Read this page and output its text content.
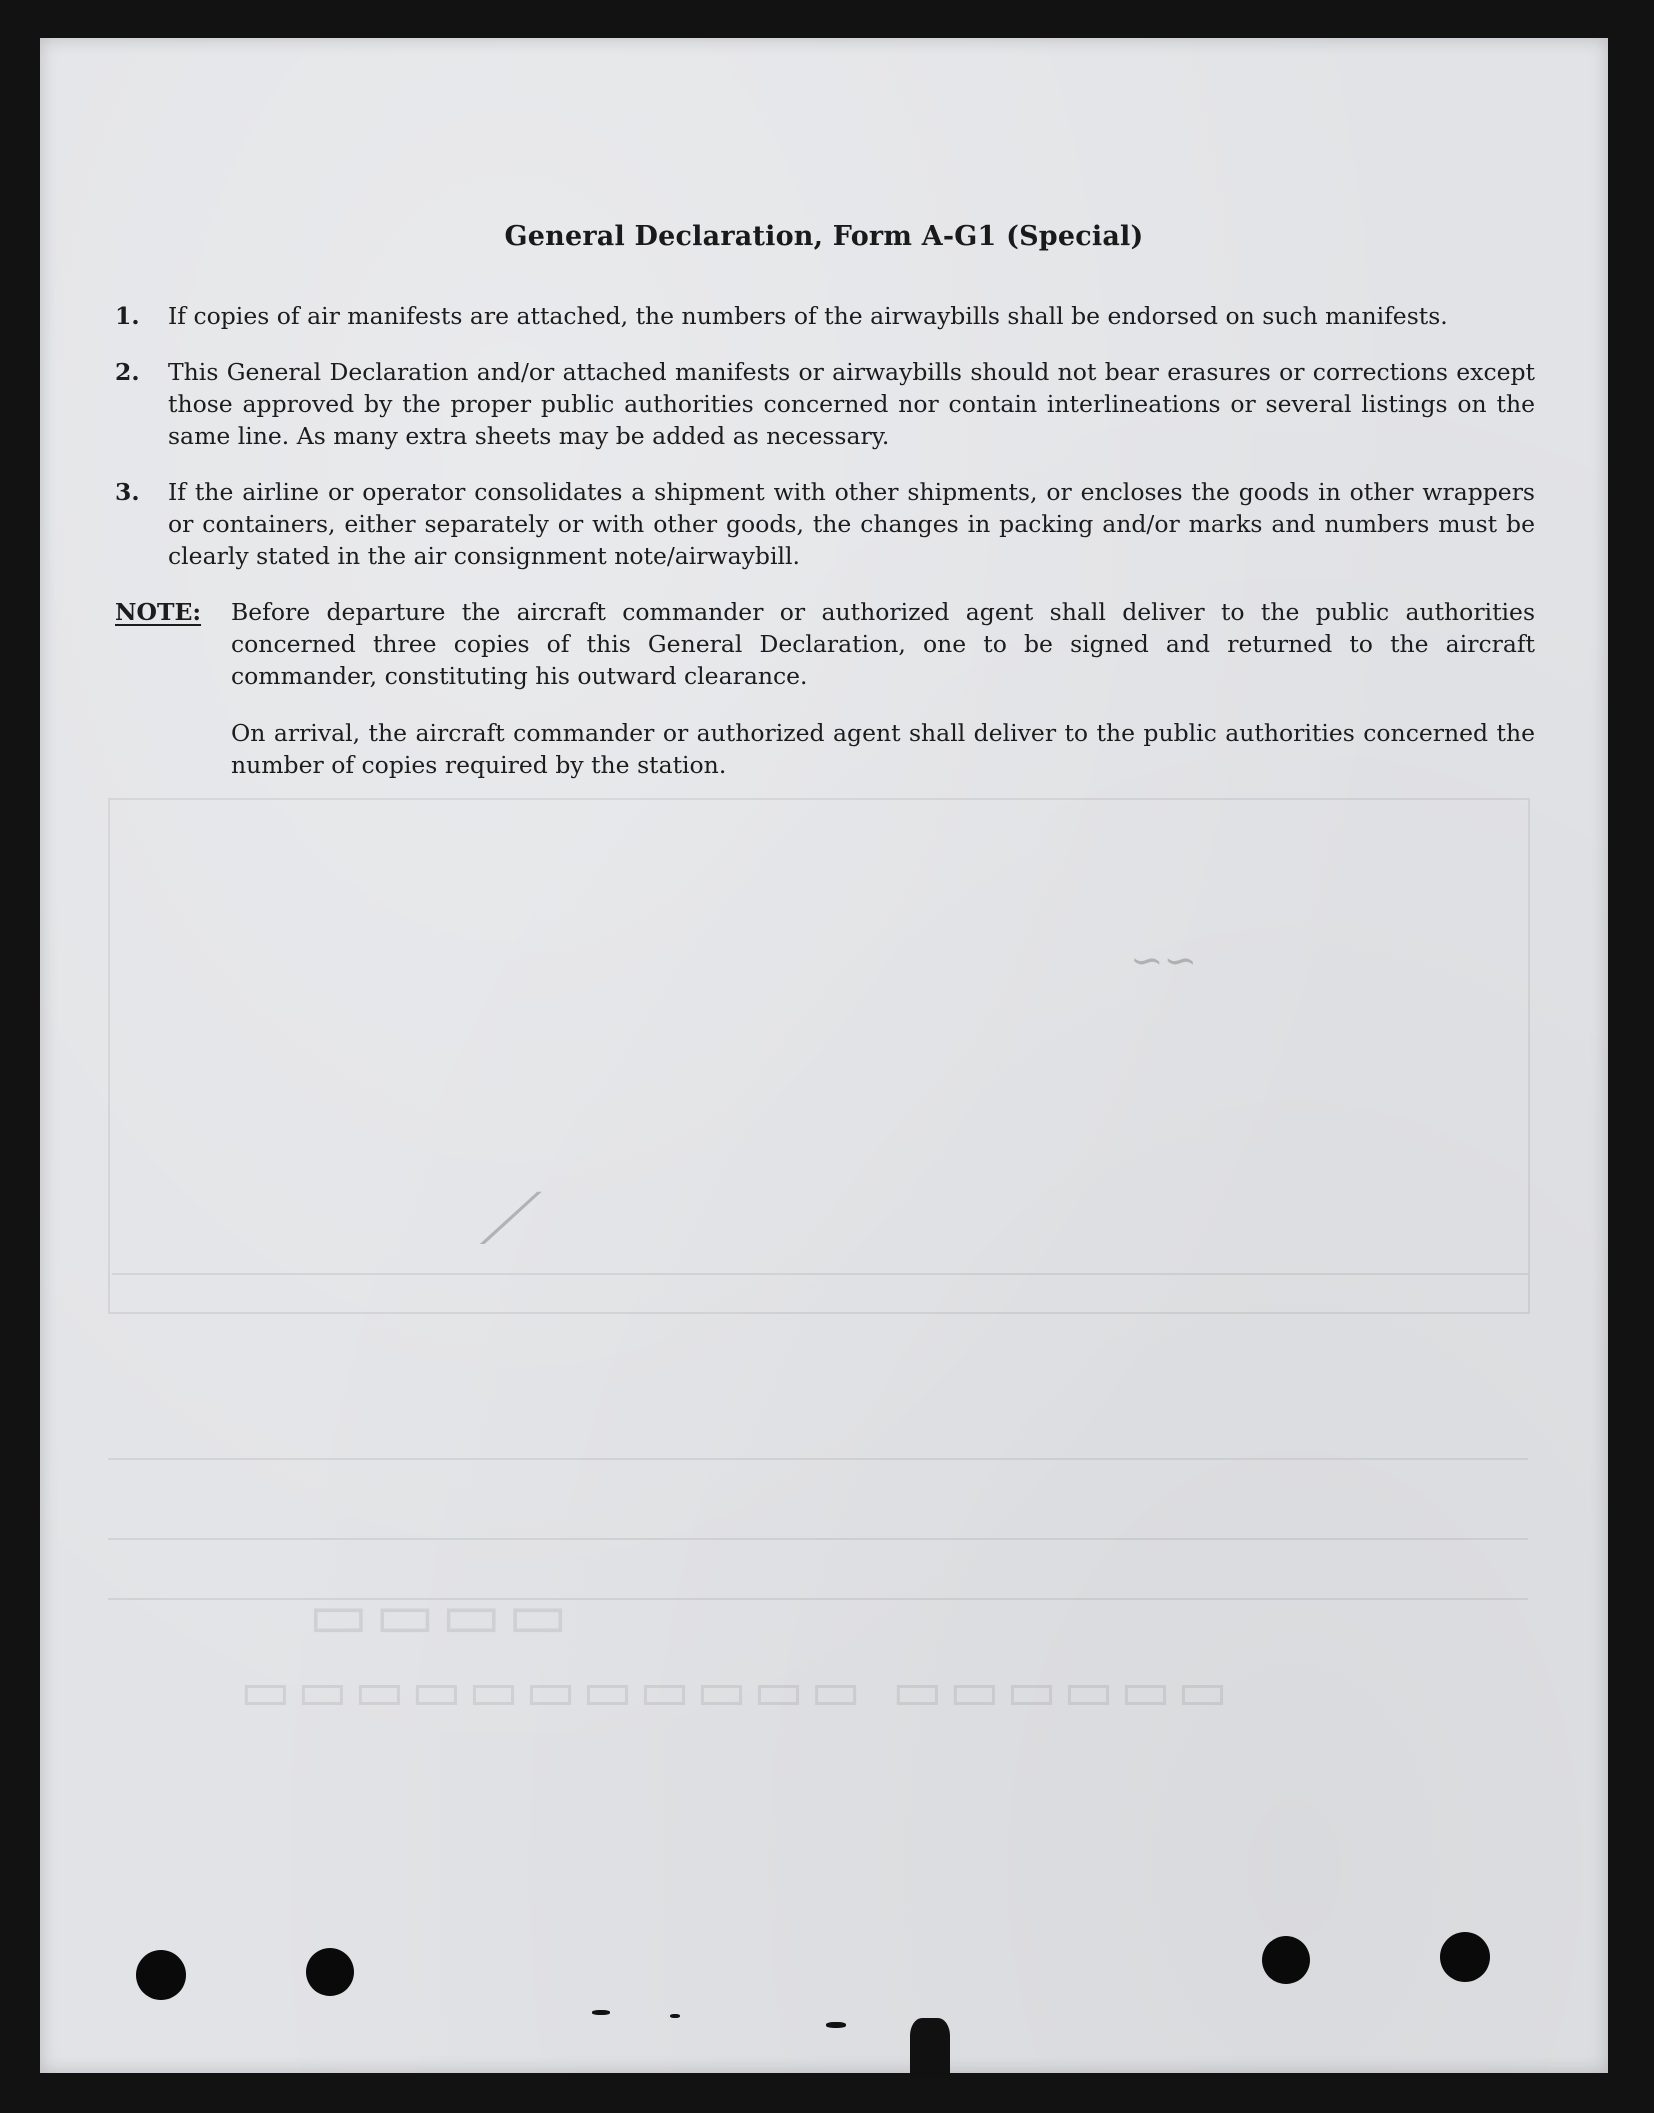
▭▭▭▭▭▭ ▭▭▭▭▭▭▭▭▭▭▭
▭▭▭▭
⟋
∽∽
General Declaration, Form A-G1 (Special)
1.	If copies of air manifests are attached, the numbers of the airwaybills shall be endorsed on such manifests.
2.	This General Declaration and/or attached manifests or airwaybills should not bear erasures or corrections except those approved by the proper public authorities concerned nor contain interlineations or several listings on the same line. As many extra sheets may be added as necessary.
3.	If the airline or operator consolidates a shipment with other shipments, or encloses the goods in other wrappers or containers, either separately or with other goods, the changes in packing and/or marks and numbers must be clearly stated in the air consignment note/airwaybill.
NOTE:	Before departure the aircraft commander or authorized agent shall deliver to the public authorities concerned three copies of this General Declaration, one to be signed and returned to the aircraft commander, constituting his outward clearance.

On arrival, the aircraft commander or authorized agent shall deliver to the public authorities concerned the number of copies required by the station.
